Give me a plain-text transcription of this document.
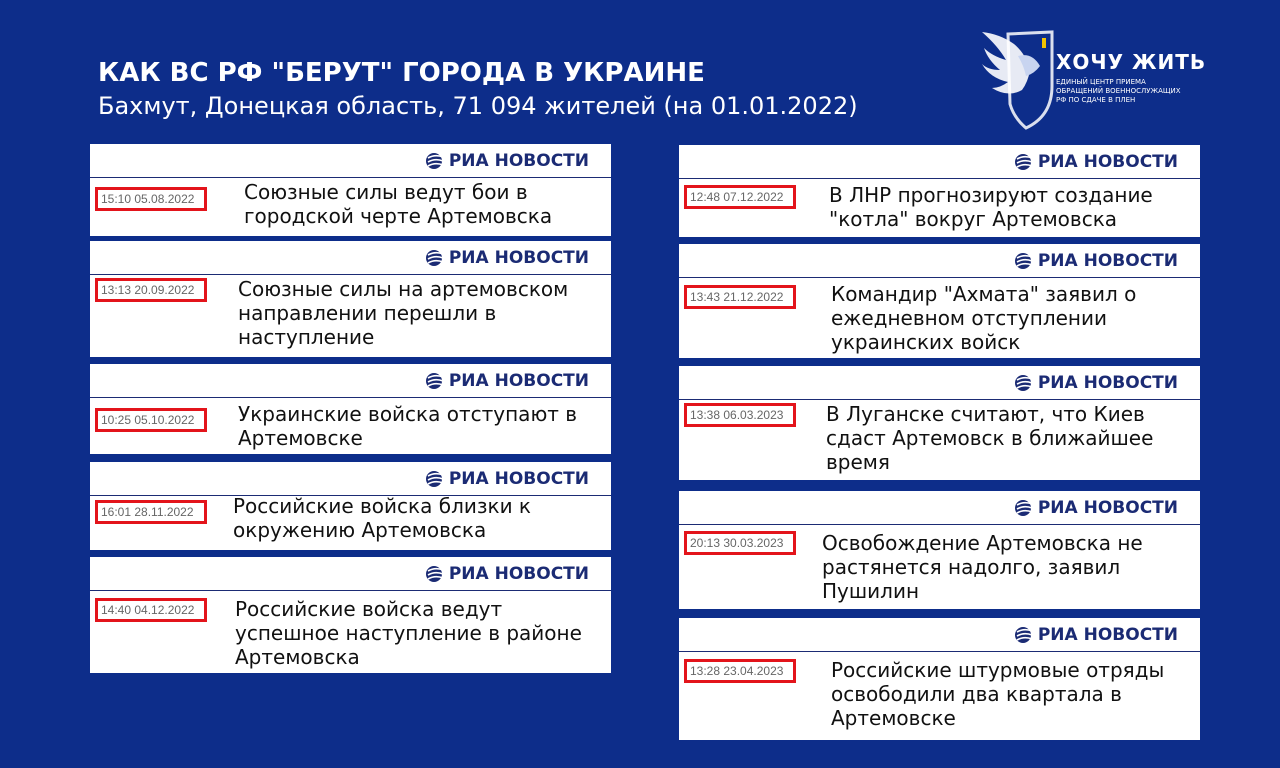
КАК ВС РФ "БЕРУТ" ГОРОДА В УКРАИНЕ
Бахмут, Донецкая область, 71 094 жителей (на 01.01.2022)
ХОЧУ ЖИТЬ
ЕДИНЫЙ ЦЕНТР ПРИЕМА
ОБРАЩЕНИЙ ВОЕННОСЛУЖАЩИХ
РФ ПО СДАЧЕ В ПЛЕН
РИА НОВОСТИ
15:10 05.08.2022	Союзные силы ведут бои в
городской черте Артемовска
РИА НОВОСТИ
13:13 20.09.2022	Союзные силы на артемовском
направлении перешли в
наступление
РИА НОВОСТИ
10:25 05.10.2022	Украинские войска отступают в
Артемовске
РИА НОВОСТИ
16:01 28.11.2022	Российские войска близки к
окружению Артемовска
РИА НОВОСТИ
14:40 04.12.2022	Российские войска ведут
успешное наступление в районе
Артемовска
РИА НОВОСТИ
12:48 07.12.2022	В ЛНР прогнозируют создание
"котла" вокруг Артемовска
РИА НОВОСТИ
13:43 21.12.2022	Командир "Ахмата" заявил о
ежедневном отступлении
украинских войск
РИА НОВОСТИ
13:38 06.03.2023	В Луганске считают, что Киев
сдаст Артемовск в ближайшее
время
РИА НОВОСТИ
20:13 30.03.2023	Освобождение Артемовска не
растянется надолго, заявил
Пушилин
РИА НОВОСТИ
13:28 23.04.2023	Российские штурмовые отряды
освободили два квартала в
Артемовске
